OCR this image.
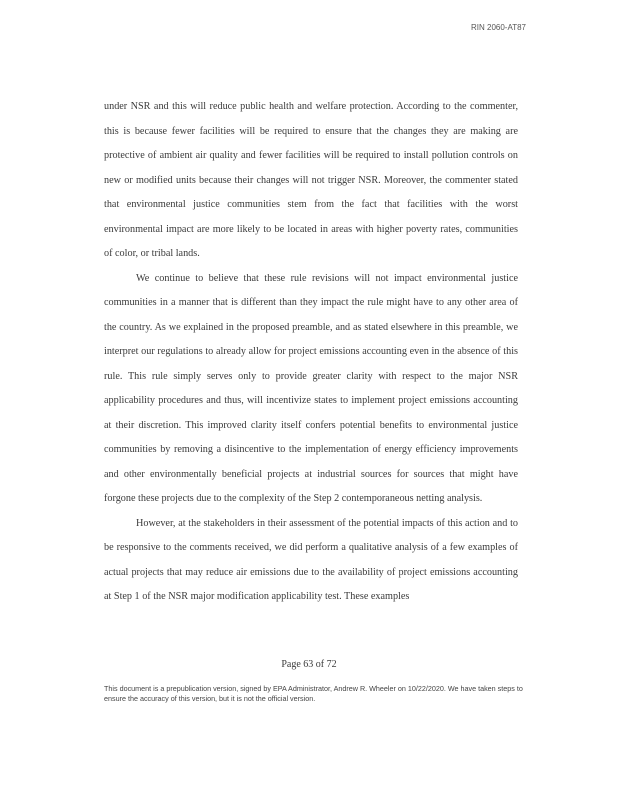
RIN 2060-AT87

under NSR and this will reduce public health and welfare protection. According to the commenter, this is because fewer facilities will be required to ensure that the changes they are making are protective of ambient air quality and fewer facilities will be required to install pollution controls on new or modified units because their changes will not trigger NSR. Moreover, the commenter stated that environmental justice communities stem from the fact that facilities with the worst environmental impact are more likely to be located in areas with higher poverty rates, communities of color, or tribal lands.

We continue to believe that these rule revisions will not impact environmental justice communities in a manner that is different than they impact the rule might have to any other area of the country. As we explained in the proposed preamble, and as stated elsewhere in this preamble, we interpret our regulations to already allow for project emissions accounting even in the absence of this rule. This rule simply serves only to provide greater clarity with respect to the major NSR applicability procedures and thus, will incentivize states to implement project emissions accounting at their discretion. This improved clarity itself confers potential benefits to environmental justice communities by removing a disincentive to the implementation of energy efficiency improvements and other environmentally beneficial projects at industrial sources for sources that might have forgone these projects due to the complexity of the Step 2 contemporaneous netting analysis.

However, at the stakeholders in their assessment of the potential impacts of this action and to be responsive to the comments received, we did perform a qualitative analysis of a few examples of actual projects that may reduce air emissions due to the availability of project emissions accounting at Step 1 of the NSR major modification applicability test. These examples

Page 63 of 72
This document is a prepublication version, signed by EPA Administrator, Andrew R. Wheeler on 10/22/2020. We have taken steps to ensure the accuracy of this version, but it is not the official version.
